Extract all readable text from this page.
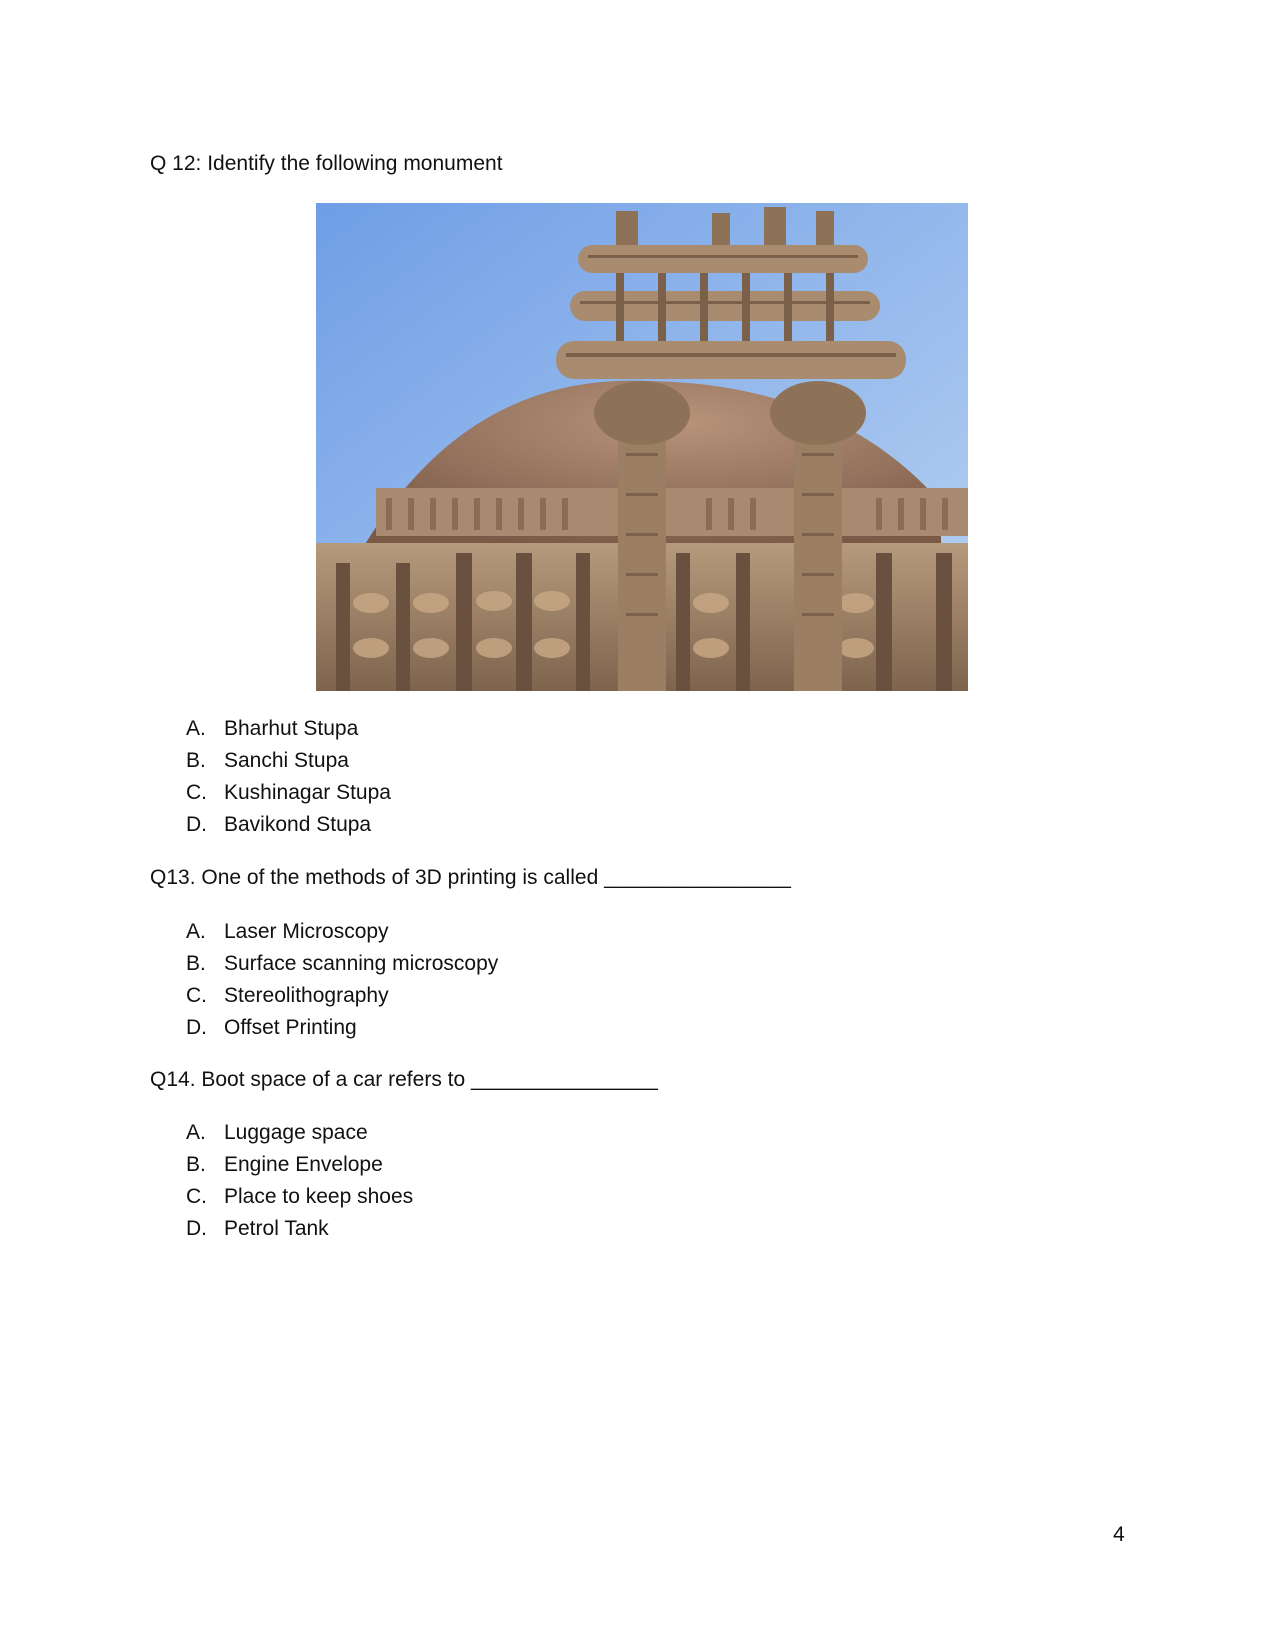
Q 12: Identify the following monument
A. Bharhut Stupa
B. Sanchi Stupa
C. Kushinagar Stupa
D. Bavikond Stupa
Q13. One of the methods of 3D printing is called ________________
A. Laser Microscopy
B. Surface scanning microscopy
C. Stereolithography
D. Offset Printing
Q14. Boot space of a car refers to ________________
A. Luggage space
B. Engine Envelope
C. Place to keep shoes
D. Petrol Tank
4
